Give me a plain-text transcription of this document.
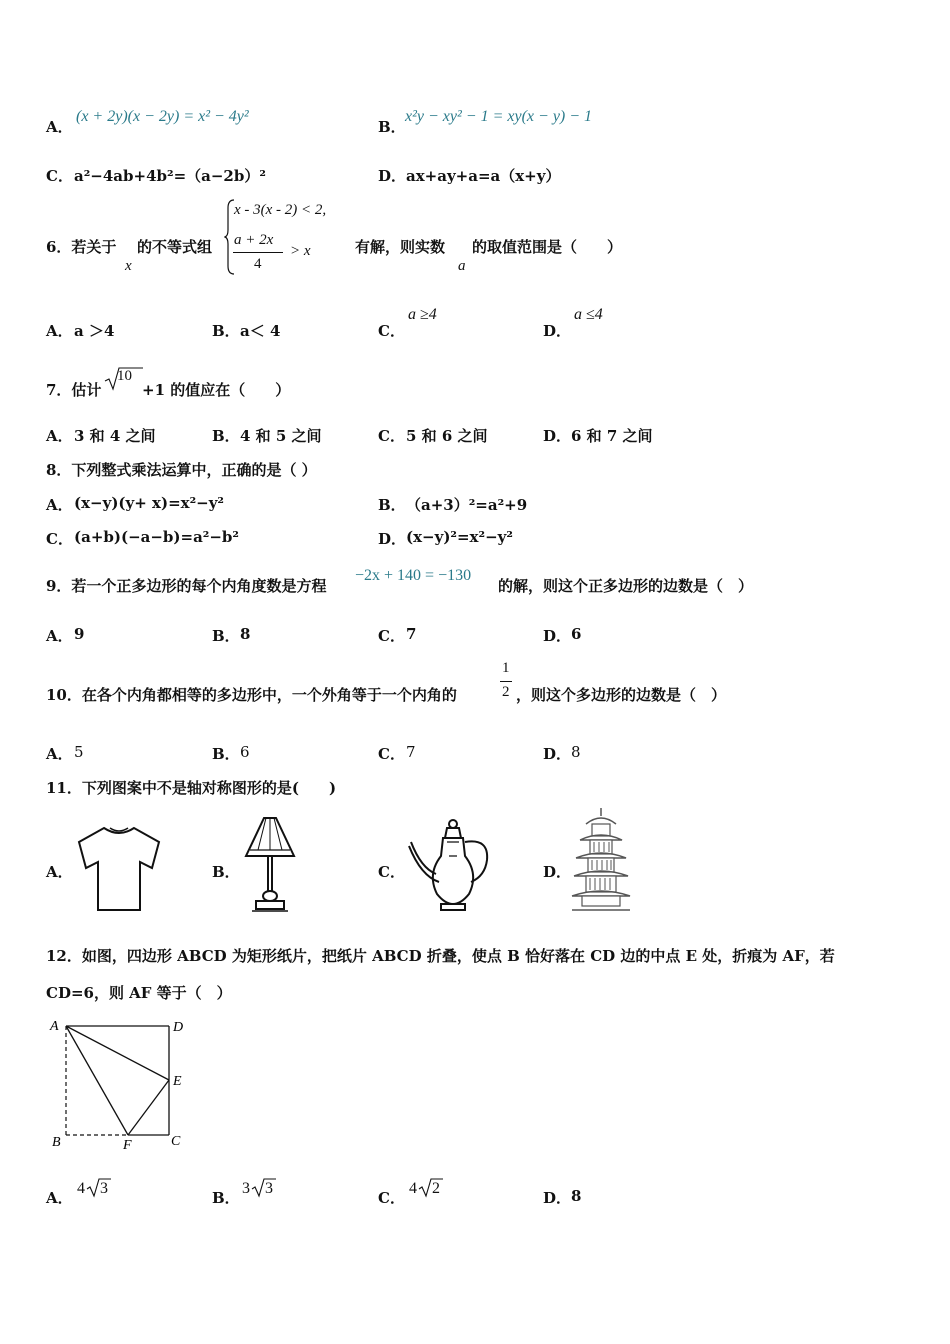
A．
(x + 2y)(x − 2y) = x² − 4y²
B．
x²y − xy² − 1 = xy(x − y) − 1
C． a²−4ab+4b²=（a−2b）²	D． ax+ay+a=a（x+y）
6．若关于
x
的不等式组
x - 3(x - 2) < 2,
a + 2x
4
> x	有解，则实数
a
的取值范围是（　　）
A． a ＞4	B． a＜ 4	C．
a ≥4
D．
a ≤4
7．估计
10
+1 的值应在（　　）
A． 3 和 4 之间	B． 4 和 5 之间	C． 5 和 6 之间	D． 6 和 7 之间
8．下列整式乘法运算中，正确的是（ ）
A． (x−y)(y+ x)=x²−y²	B． （a+3）²=a²+9
C． (a+b)(−a−b)=a²−b²	D． (x−y)²=x²−y²
9．若一个正多边形的每个内角度数是方程
−2x + 140 = −130
的解，则这个正多边形的边数是（　）
A． 9	B． 8	C． 7	D． 6
10．在各个内角都相等的多边形中，一个外角等于一个内角的
1
2 ，则这个多边形的边数是（　）
A． 5	B． 6	C． 7	D． 8
11．下列图案中不是轴对称图形的是(　　)
A．	B．	C．	D．
12．如图，四边形 ABCD 为矩形纸片，把纸片 ABCD 折叠，使点 B 恰好落在 CD 边的中点 E 处，折痕为 AF，若
CD=6，则 AF 等于（　）
A	D
E
B	F	C
A．
4 3
B．
3 3
C．
4 2
D． 8
